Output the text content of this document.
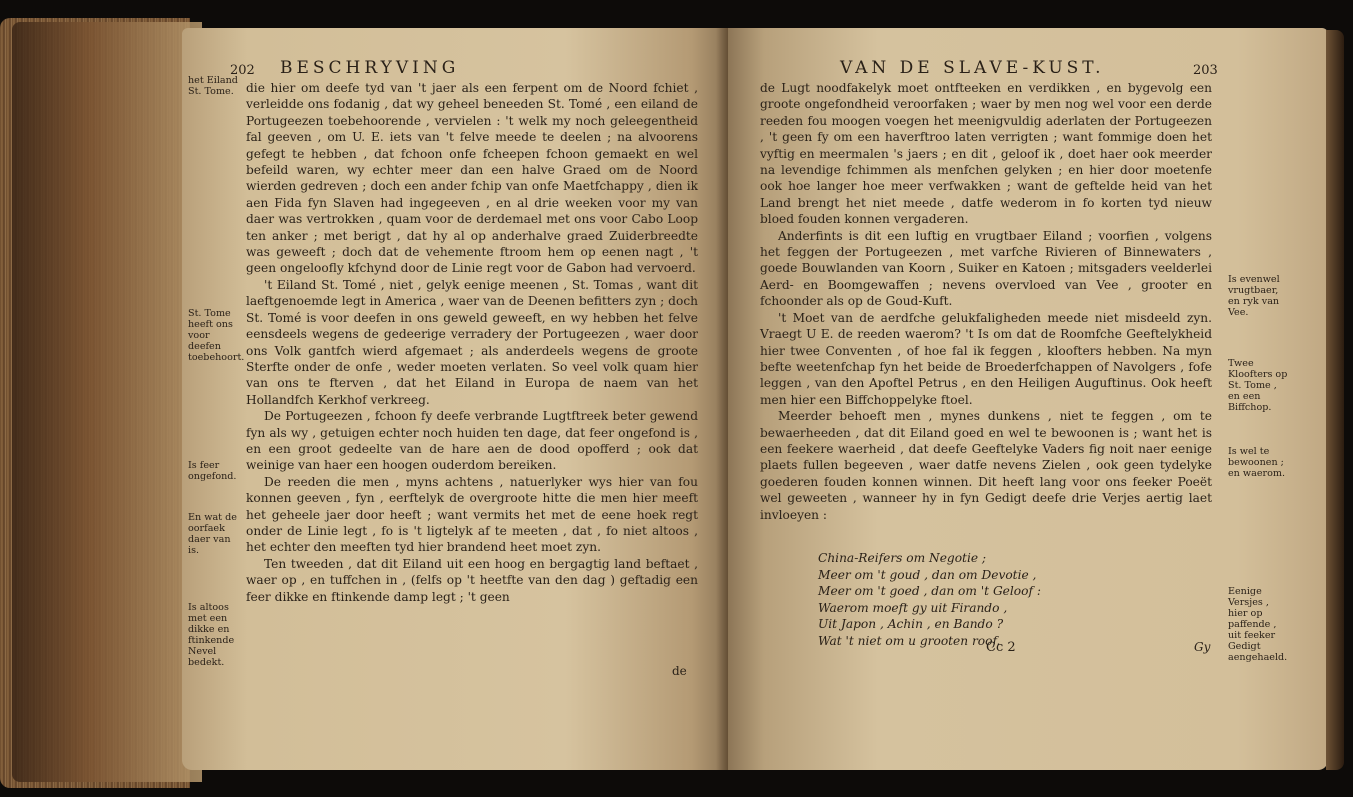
202 BESCHRYVING
het Eiland St. Tome.
St. Tome heeft ons voor deefen toebehoort.
Is feer ongefond.
En wat de oorfaek daer van is.
Is altoos met een dikke en ftinkende Nevel bedekt.

die hier om deefe tyd van 't jaer als een ferpent om de Noord fchiet , verleidde ons fodanig , dat wy geheel beneeden St. Tomé , een eiland de Portugeezen toebehoorende , vervielen : 't welk my noch geleegentheid fal geeven , om U. E. iets van 't felve meede te deelen ; na alvoorens gefegt te hebben , dat fchoon onfe fcheepen fchoon gemaekt en wel befeild waren, wy echter meer dan een halve Graed om de Noord wierden gedreven ; doch een ander fchip van onfe Maetfchappy , dien ik aen Fida fyn Slaven had ingegeeven , en al drie weeken voor my van daer was vertrokken , quam voor de derdemael met ons voor Cabo Loop ten anker ; met berigt , dat hy al op anderhalve graed Zuiderbreedte was geweeft ; doch dat de vehemente ftroom hem op eenen nagt , 't geen ongeloofly kfchynd door de Linie regt voor de Gabon had vervoerd.

't Eiland St. Tomé , niet , gelyk eenige meenen , St. Tomas , want dit laeftgenoemde legt in America , waer van de Deenen befitters zyn ; doch St. Tomé is voor deefen in ons geweld geweeft, en wy hebben het felve eensdeels wegens de gedeerige verradery der Portugeezen , waer door ons Volk gantfch wierd afgemaet ; als anderdeels wegens de groote Sterfte onder de onfe , weder moeten verlaten. So veel volk quam hier van ons te fterven , dat het Eiland in Europa de naem van het Hollandfch Kerkhof verkreeg.

De Portugeezen , fchoon fy deefe verbrande Lugtftreek beter gewend fyn als wy , getuigen echter noch huiden ten dage, dat feer ongefond is , en een groot gedeelte van de hare aen de dood opofferd ; ook dat weinige van haer een hoogen ouderdom bereiken.

De reeden die men , myns achtens , natuerlyker wys hier van fou konnen geeven , fyn , eerftelyk de overgroote hitte die men hier meeft het geheele jaer door heeft ; want vermits het met de eene hoek regt onder de Linie legt , fo is 't ligtelyk af te meeten , dat , fo niet altoos , het echter den meeften tyd hier brandend heet moet zyn.

Ten tweeden , dat dit Eiland uit een hoog en bergagtig land beftaet , waer op , en tuffchen in , (felfs op 't heetfte van den dag ) geftadig een feer dikke en ftinkende damp legt ; 't geen

de
VAN DE SLAVE-KUST.	203

de Lugt noodfakelyk moet ontfteeken en verdikken , en bygevolg een groote ongefondheid veroorfaken ; waer by men nog wel voor een derde reeden fou moogen voegen het meenigvuldig aderlaten der Portugeezen , 't geen fy om een haverftroo laten verrigten ; want fommige doen het vyftig en meermalen 's jaers ; en dit , geloof ik , doet haer ook meerder na levendige fchimmen als menfchen gelyken ; en hier door moetenfe ook hoe langer hoe meer verfwakken ; want de geftelde heid van het Land brengt het niet meede , datfe wederom in fo korten tyd nieuw bloed fouden konnen vergaderen.

Anderfints is dit een luftig en vrugtbaer Eiland ; voorfien , volgens het feggen der Portugeezen , met varfche Rivieren of Binnewaters , goede Bouwlanden van Koorn , Suiker en Katoen ; mitsgaders veelderlei Aerd- en Boomgewaffen ; nevens overvloed van Vee , grooter en fchoonder als op de Goud-Kuft.

't Moet van de aerdfche gelukfaligheden meede niet misdeeld zyn. Vraegt U E. de reeden waerom? 't Is om dat de Roomfche Geeftelykheid hier twee Conventen , of hoe fal ik feggen , kloofters hebben. Na myn befte weetenfchap fyn het beide de Broederfchappen of Navolgers , fofe leggen , van den Apoftel Petrus , en den Heiligen Auguftinus. Ook heeft men hier een Biffchoppelyke ftoel.

Meerder behoeft men , mynes dunkens , niet te feggen , om te bewaerheeden , dat dit Eiland goed en wel te bewoonen is ; want het is een feekere waerheid , dat deefe Geeftelyke Vaders fig noit naer eenige plaets fullen begeeven , waer datfe nevens Zielen , ook geen tydelyke goederen fouden konnen winnen. Dit heeft lang voor ons feeker Poeët wel geweeten , wanneer hy in fyn Gedigt deefe drie Verjes aertig laet invloeyen :

Is evenwel vrugtbaer, en ryk van Vee.
Twee Kloofters op St. Tome , en een Biffchop.
Is wel te bewoonen ; en waerom.
Eenige Versjes , hier op paffende , uit feeker Gedigt aengehaeld.
China-Reifers om Negotie ;
Meer om 't goud , dan om Devotie ,
Meer om 't goed , dan om 't Geloof :
Waerom moeft gy uit Firando ,
Uit Japon , Achin , en Bando ?
Wat 't niet om u grooten roof.
Cc 2	Gy
